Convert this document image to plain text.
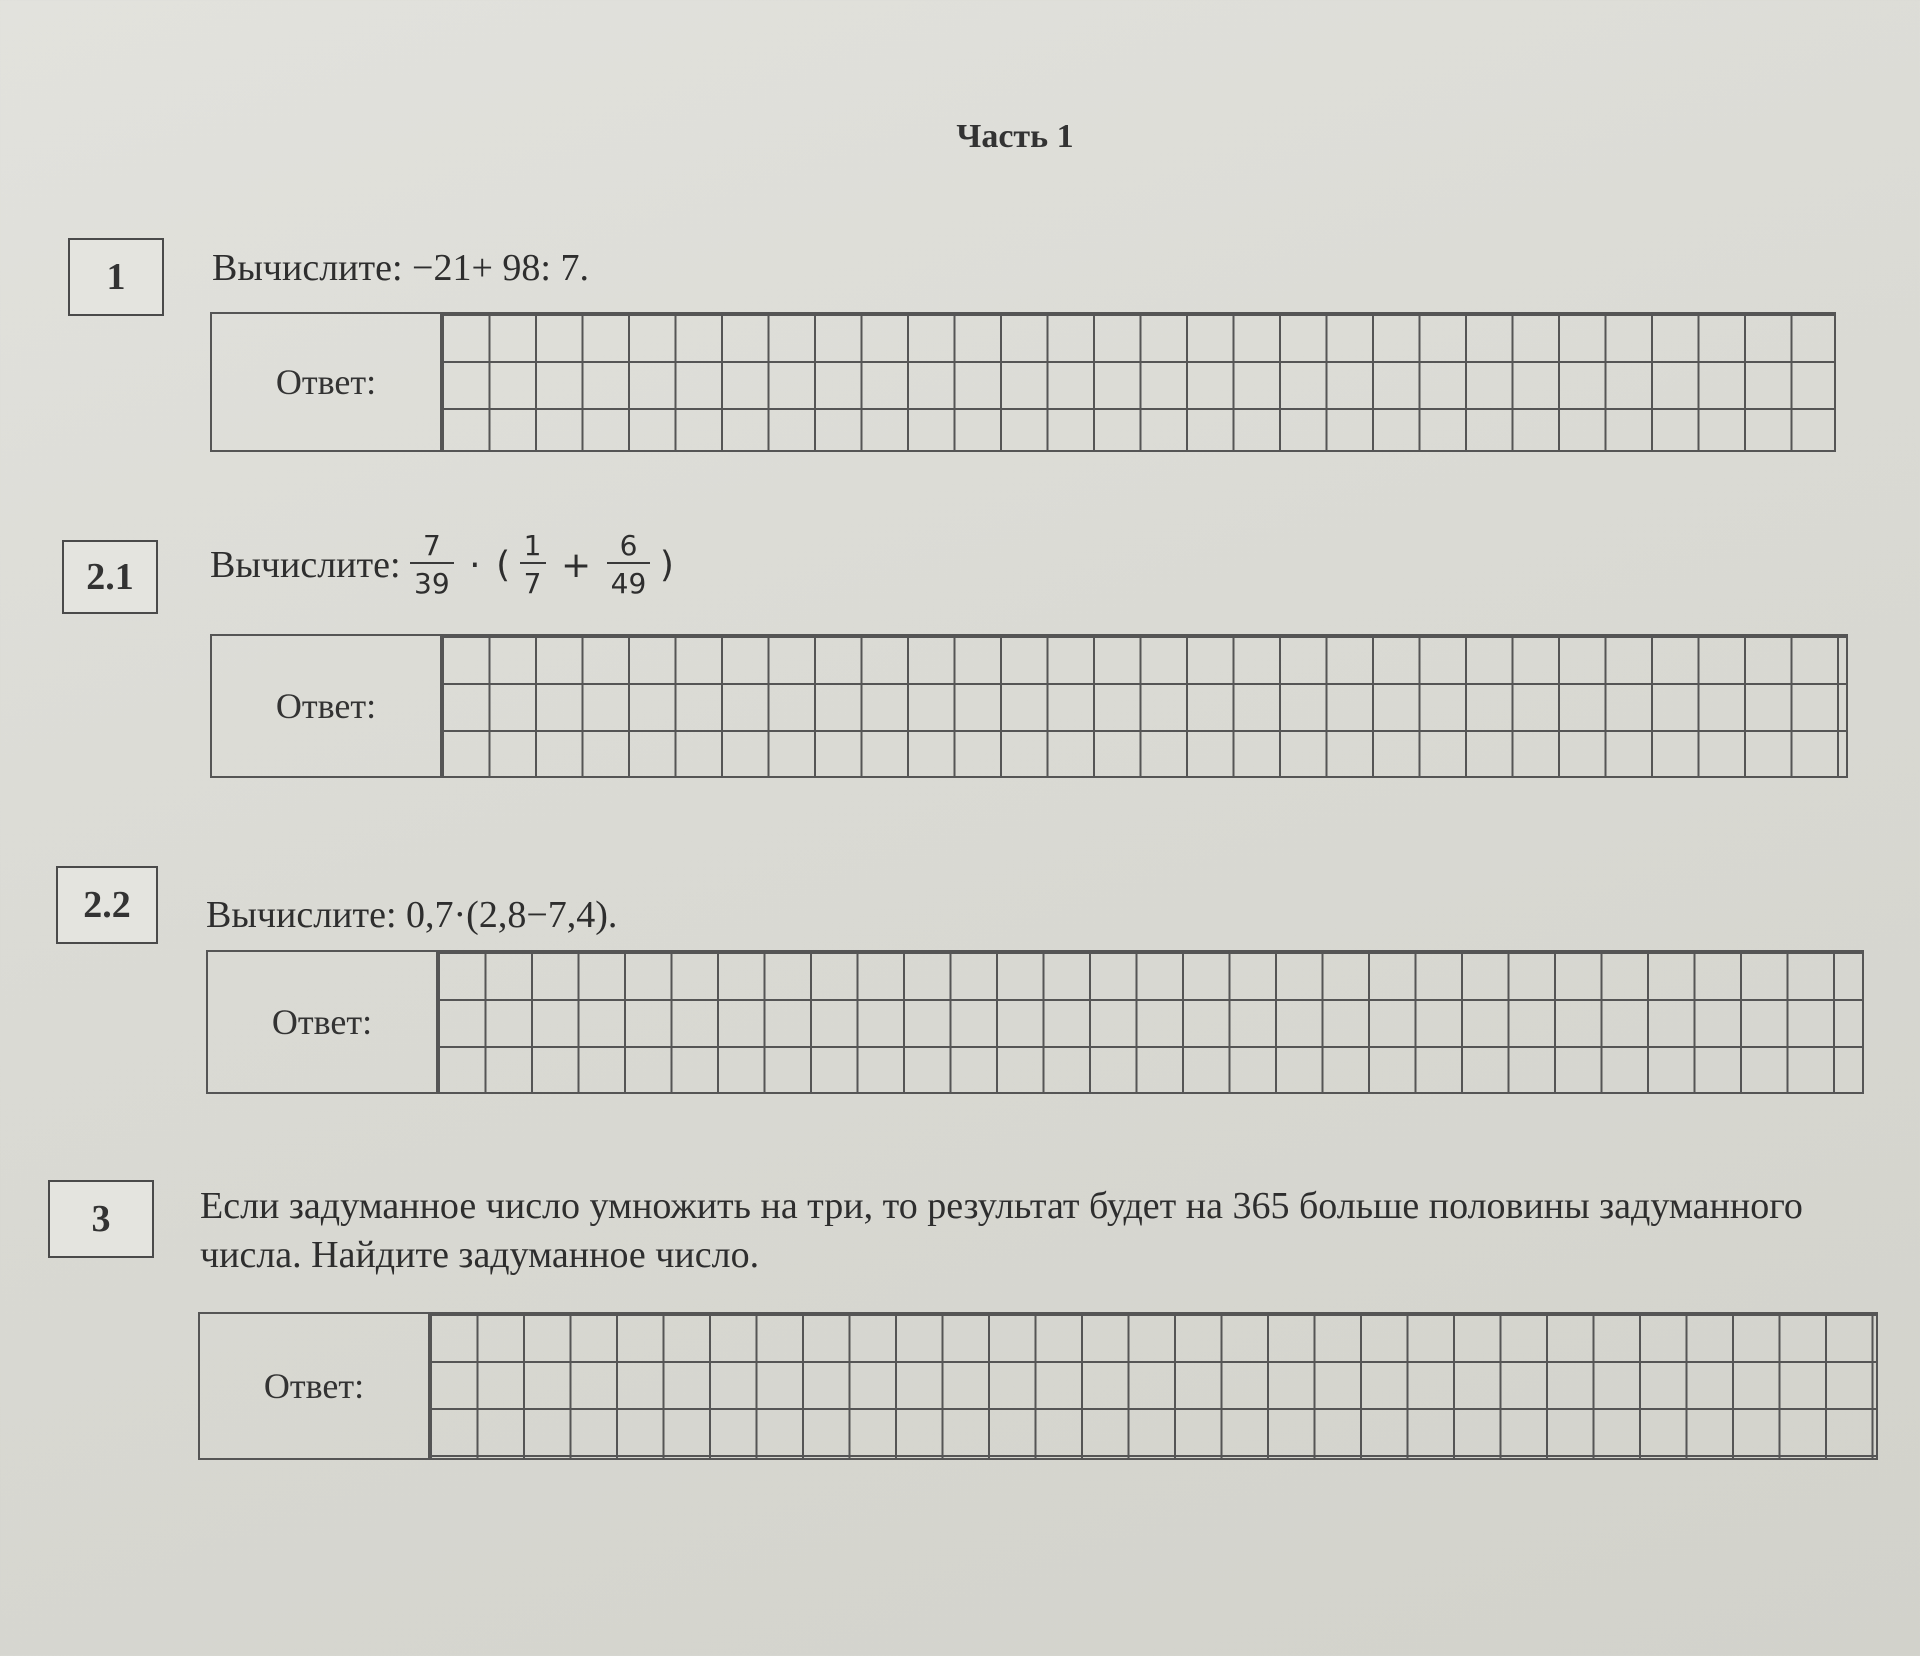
Часть 1
1	Вычислите: −21+ 98: 7.
Ответ:
2.1	Вычислите: $\frac{7}{39}$ · ( $\frac{1}{7} + \frac{6}{49}$ )
Ответ:
2.2	Вычислите: 0,7·(2,8−7,4).
Ответ:
3	Если задуманное число умножить на три, то результат будет на 365 больше половины задуманного числа. Найдите задуманное число.
Ответ:
